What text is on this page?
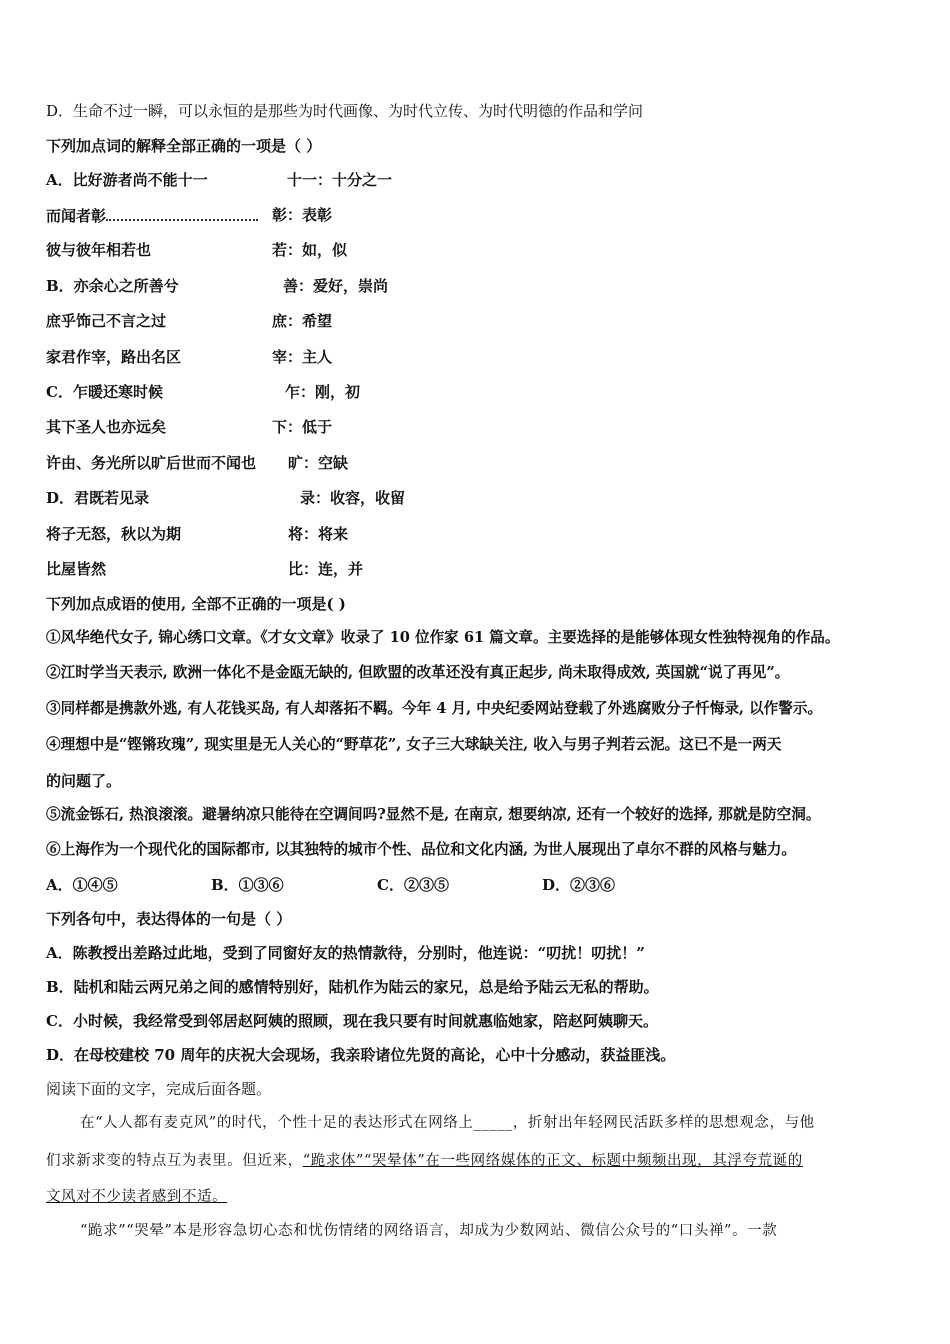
D．生命不过一瞬，可以永恒的是那些为时代画像、为时代立传、为时代明德的作品和学问
下列加点词的解释全部正确的一项是（ ）
A．比好游者尚不能十一	十一：十分之一
而闻者彰	彰：表彰
彼与彼年相若也	若：如，似
B．亦余心之所善兮	善：爱好，崇尚
庶乎饰己不言之过	庶：希望
家君作宰，路出名区	宰：主人
C．乍暖还寒时候	乍：刚，初
其下圣人也亦远矣	下：低于
许由、务光所以旷后世而不闻也 旷：空缺
D．君既若见录	录：收容，收留
将子无怒，秋以为期	将：将来
比屋皆然	比：连，并
下列加点成语的使用, 全部不正确的一项是( )
①风华绝代女子, 锦心绣口文章。《才女文章》收录了 10 位作家 61 篇文章。主要选择的是能够体现女性独特视角的作品。
②江时学当天表示, 欧洲一体化不是金瓯无缺的, 但欧盟的改革还没有真正起步, 尚未取得成效, 英国就“说了再见”。
③同样都是携款外逃, 有人花钱买岛, 有人却落拓不羁。今年 4 月, 中央纪委网站登载了外逃腐败分子忏悔录, 以作警示。
④理想中是“铿锵玫瑰”, 现实里是无人关心的“野草花”, 女子三大球缺关注, 收入与男子判若云泥。这已不是一两天
的问题了。
⑤流金铄石, 热浪滚滚。避暑纳凉只能待在空调间吗?显然不是, 在南京, 想要纳凉, 还有一个较好的选择, 那就是防空洞。
⑥上海作为一个现代化的国际都市, 以其独特的城市个性、品位和文化内涵, 为世人展现出了卓尔不群的风格与魅力。
A．①④⑤	B．①③⑥	C．②③⑤	D．②③⑥
下列各句中，表达得体的一句是（ ）
A．陈教授出差路过此地，受到了同窗好友的热情款待，分别时，他连说：“叨扰！叨扰！”
B．陆机和陆云两兄弟之间的感情特别好，陆机作为陆云的家兄，总是给予陆云无私的帮助。
C．小时候，我经常受到邻居赵阿姨的照顾，现在我只要有时间就惠临她家，陪赵阿姨聊天。
D．在母校建校 70 周年的庆祝大会现场，我亲聆诸位先贤的高论，心中十分感动，获益匪浅。
阅读下面的文字，完成后面各题。
在“人人都有麦克风”的时代，个性十足的表达形式在网络上_____，折射出年轻网民活跃多样的思想观念，与他
们求新求变的特点互为表里。但近来，“跪求体”“哭晕体”在一些网络媒体的正文、标题中频频出现，其浮夸荒诞的
文风对不少读者感到不适。
“跪求”“哭晕”本是形容急切心态和忧伤情绪的网络语言，却成为少数网站、微信公众号的“口头禅”。一款
